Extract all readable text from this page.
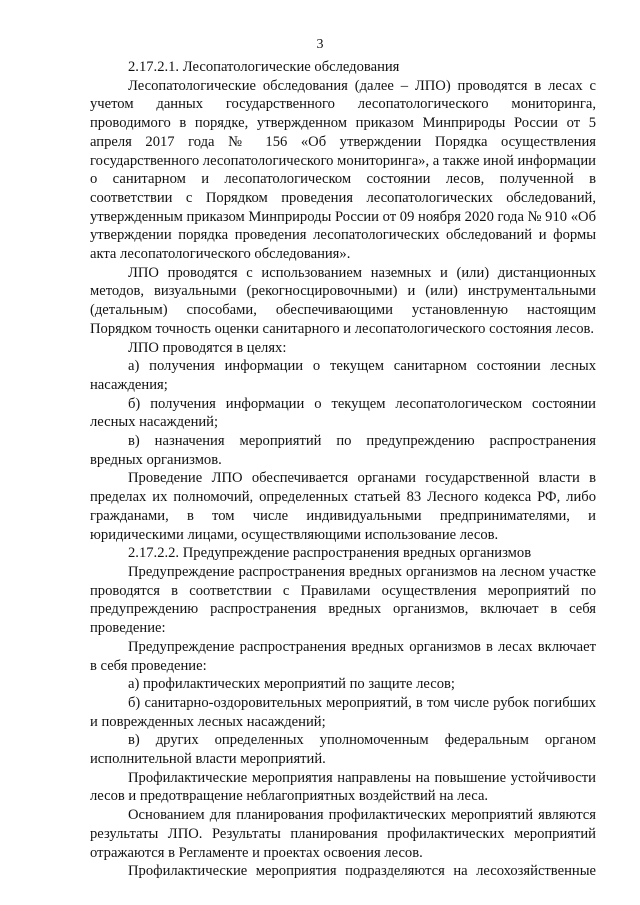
3

2.17.2.1. Лесопатологические обследования

Лесопатологические обследования (далее – ЛПО) проводятся в лесах с учетом данных государственного лесопатологического мониторинга, проводимого в порядке, утвержденном приказом Минприроды России от 5 апреля 2017 года № 156 «Об утверждении Порядка осуществления государственного лесопатологического мониторинга», а также иной информации о санитарном и лесопатологическом состоянии лесов, полученной в соответствии с Порядком проведения лесопатологических обследований, утвержденным приказом Минприроды России от 09 ноября 2020 года № 910 «Об утверждении порядка проведения лесопатологических обследований и формы акта лесопатологического обследования».

ЛПО проводятся с использованием наземных и (или) дистанционных методов, визуальными (рекогносцировочными) и (или) инструментальными (детальным) способами, обеспечивающими установленную настоящим Порядком точность оценки санитарного и лесопатологического состояния лесов.

ЛПО проводятся в целях:

а) получения информации о текущем санитарном состоянии лесных насаждения;

б) получения информации о текущем лесопатологическом состоянии лесных насаждений;

в) назначения мероприятий по предупреждению распространения вредных организмов.

Проведение ЛПО обеспечивается органами государственной власти в пределах их полномочий, определенных статьей 83 Лесного кодекса РФ, либо гражданами, в том числе индивидуальными предпринимателями, и юридическими лицами, осуществляющими использование лесов.

2.17.2.2. Предупреждение распространения вредных организмов

Предупреждение распространения вредных организмов на лесном участке проводятся в соответствии с Правилами осуществления мероприятий по предупреждению распространения вредных организмов, включает в себя проведение:

Предупреждение распространения вредных организмов в лесах включает в себя проведение:

а) профилактических мероприятий по защите лесов;

б) санитарно-оздоровительных мероприятий, в том числе рубок погибших и поврежденных лесных насаждений;

в) других определенных уполномоченным федеральным органом исполнительной власти мероприятий.

Профилактические мероприятия направлены на повышение устойчивости лесов и предотвращение неблагоприятных воздействий на леса.

Основанием для планирования профилактических мероприятий являются результаты ЛПО. Результаты планирования профилактических мероприятий отражаются в Регламенте и проектах освоения лесов.

Профилактические мероприятия подразделяются на лесохозяйственные
